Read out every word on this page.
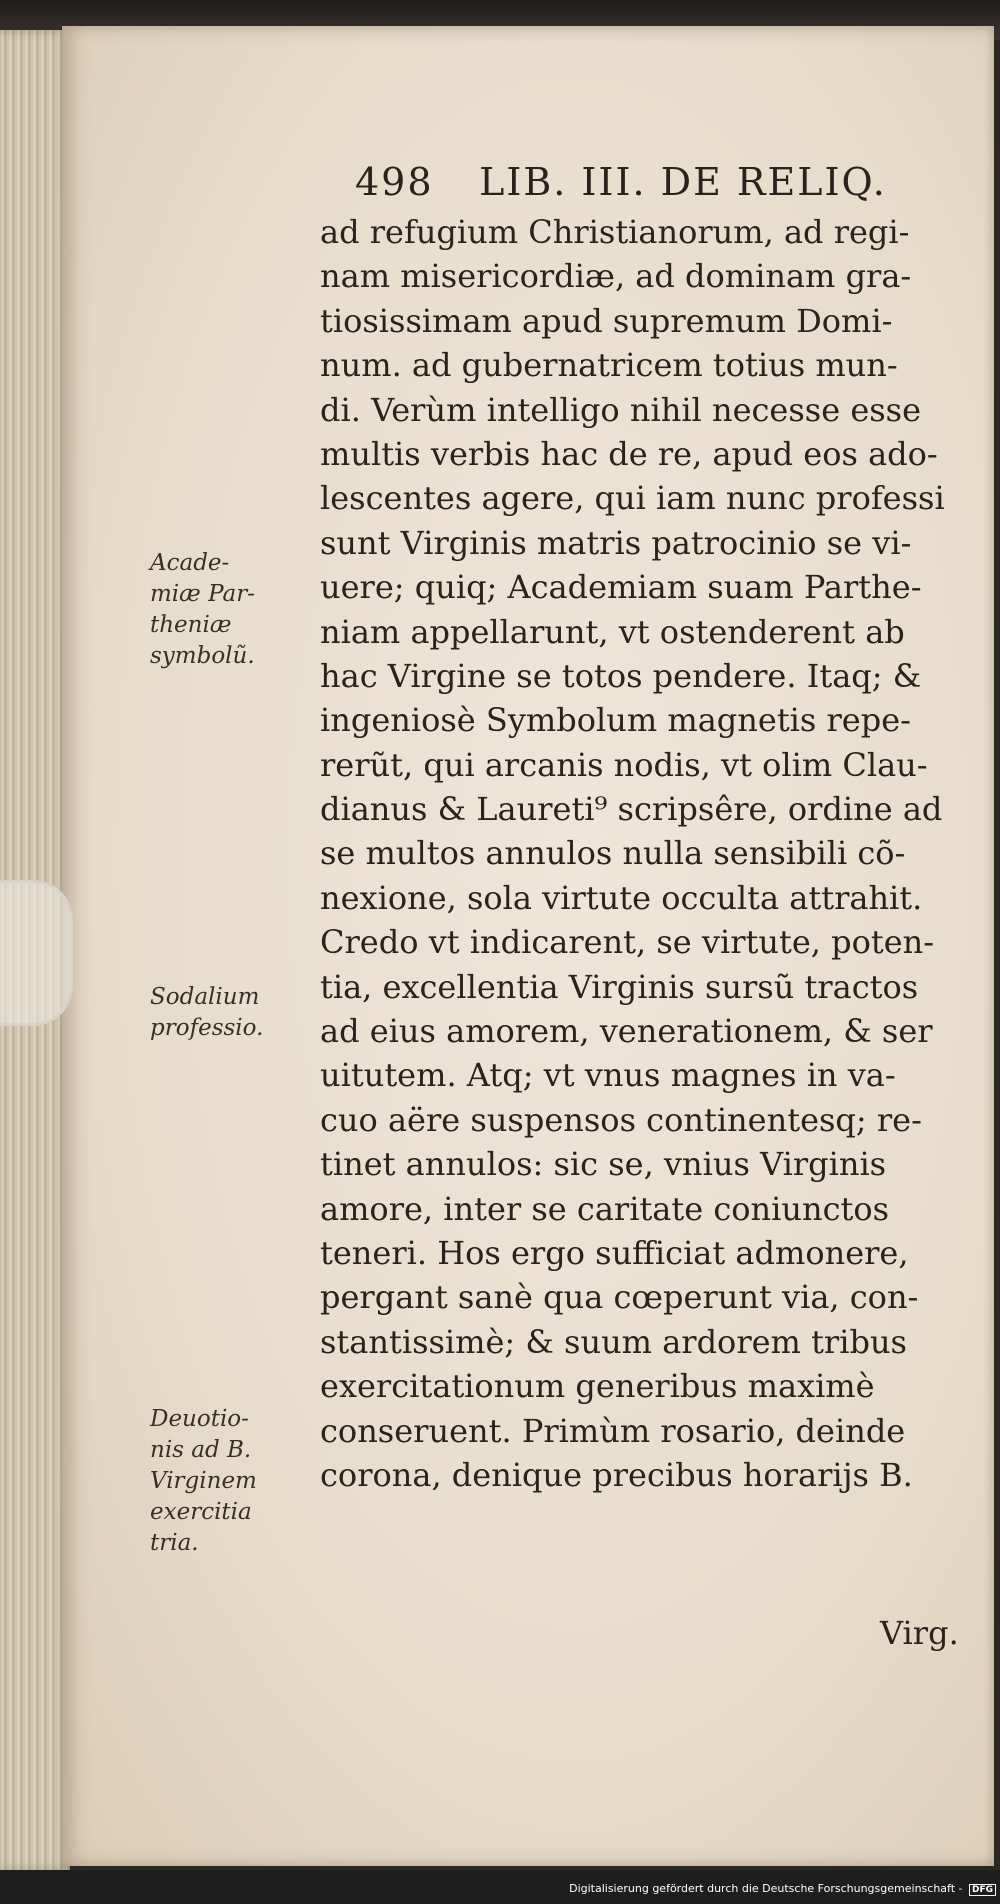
498 LIB. III. DE RELIQ.
ad refugium Christianorum, ad regi-
nam misericordiæ, ad dominam gra-
tiosissimam apud supremum Domi-
num. ad gubernatricem totius mun-
di. Verùm intelligo nihil necesse esse
multis verbis hac de re, apud eos ado-
lescentes agere, qui iam nunc professi
sunt Virginis matris patrocinio se vi-
uere; quiq; Academiam suam Parthe-
niam appellarunt, vt ostenderent ab
hac Virgine se totos pendere. Itaq; &
ingeniosè Symbolum magnetis repe-
rerũt, qui arcanis nodis, vt olim Clau-
dianus & Laureti⁹ scripsêre, ordine ad
se multos annulos nulla sensibili cõ-
nexione, sola virtute occulta attrahit.
Credo vt indicarent, se virtute, poten-
tia, excellentia Virginis sursũ tractos
ad eius amorem, venerationem, & ser
uitutem. Atq; vt vnus magnes in va-
cuo aëre suspensos continentesq; re-
tinet annulos: sic se, vnius Virginis
amore, inter se caritate coniunctos
teneri. Hos ergo sufficiat admonere,
pergant sanè qua cœperunt via, con-
stantissimè; & suum ardorem tribus
exercitationum generibus maximè
conseruent. Primùm rosario, deinde
corona, denique precibus horarijs B.
Virg.
Acade-
miæ Par-
theniæ
symbolũ.
Sodalium
professio.
Deuotio-
nis ad B.
Virginem
exercitia
tria.
Digitalisierung gefördert durch die Deutsche Forschungsgemeinschaft - DFG
